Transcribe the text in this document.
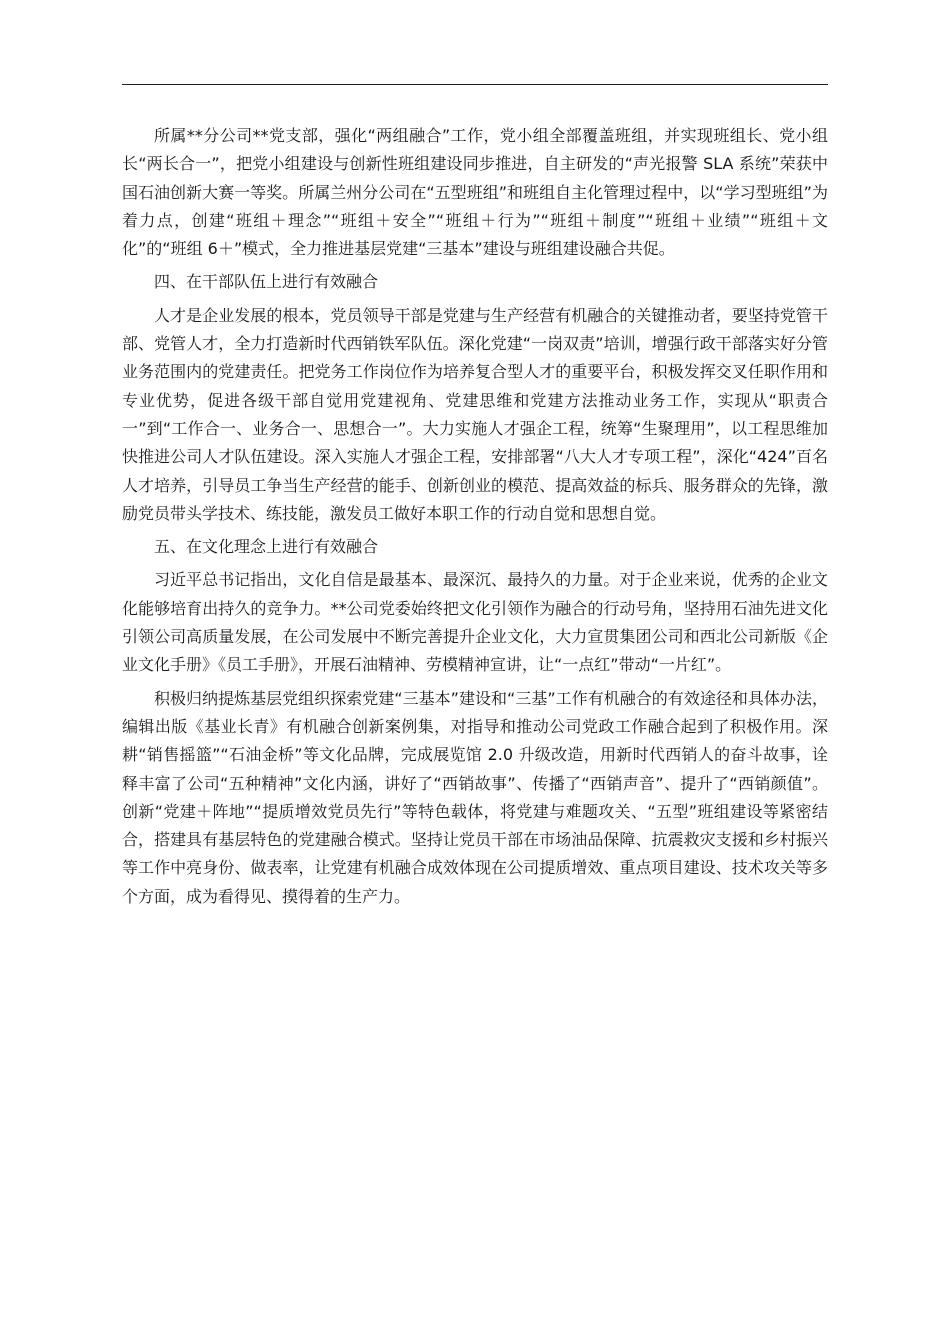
所属**分公司**党支部，强化“两组融合”工作，党小组全部覆盖班组，并实现班组长、党小组长“两长合一”，把党小组建设与创新性班组建设同步推进，自主研发的“声光报警 SLA 系统”荣获中国石油创新大赛一等奖。所属兰州分公司在“五型班组”和班组自主化管理过程中，以“学习型班组”为着力点，创建“班组＋理念”“班组＋安全”“班组＋行为”“班组＋制度”“班组＋业绩”“班组＋文化”的“班组 6＋”模式，全力推进基层党建“三基本”建设与班组建设融合共促。

四、在干部队伍上进行有效融合

人才是企业发展的根本，党员领导干部是党建与生产经营有机融合的关键推动者，要坚持党管干部、党管人才，全力打造新时代西销铁军队伍。深化党建“一岗双责”培训，增强行政干部落实好分管业务范围内的党建责任。把党务工作岗位作为培养复合型人才的重要平台，积极发挥交叉任职作用和专业优势，促进各级干部自觉用党建视角、党建思维和党建方法推动业务工作，实现从“职责合一”到“工作合一、业务合一、思想合一”。大力实施人才强企工程，统筹“生聚理用”，以工程思维加快推进公司人才队伍建设。深入实施人才强企工程，安排部署“八大人才专项工程”，深化“424”百名人才培养，引导员工争当生产经营的能手、创新创业的模范、提高效益的标兵、服务群众的先锋，激励党员带头学技术、练技能，激发员工做好本职工作的行动自觉和思想自觉。

五、在文化理念上进行有效融合

习近平总书记指出，文化自信是最基本、最深沉、最持久的力量。对于企业来说，优秀的企业文化能够培育出持久的竞争力。**公司党委始终把文化引领作为融合的行动号角，坚持用石油先进文化引领公司高质量发展，在公司发展中不断完善提升企业文化，大力宣贯集团公司和西北公司新版《企业文化手册》《员工手册》，开展石油精神、劳模精神宣讲，让“一点红”带动“一片红”。

积极归纳提炼基层党组织探索党建“三基本”建设和“三基”工作有机融合的有效途径和具体办法，编辑出版《基业长青》有机融合创新案例集，对指导和推动公司党政工作融合起到了积极作用。深耕“销售摇篮”“石油金桥”等文化品牌，完成展览馆 2.0 升级改造，用新时代西销人的奋斗故事，诠释丰富了公司“五种精神”文化内涵，讲好了“西销故事”、传播了“西销声音”、提升了“西销颜值”。创新“党建＋阵地”“提质增效党员先行”等特色载体，将党建与难题攻关、“五型”班组建设等紧密结合，搭建具有基层特色的党建融合模式。坚持让党员干部在市场油品保障、抗震救灾支援和乡村振兴等工作中亮身份、做表率，让党建有机融合成效体现在公司提质增效、重点项目建设、技术攻关等多个方面，成为看得见、摸得着的生产力。
